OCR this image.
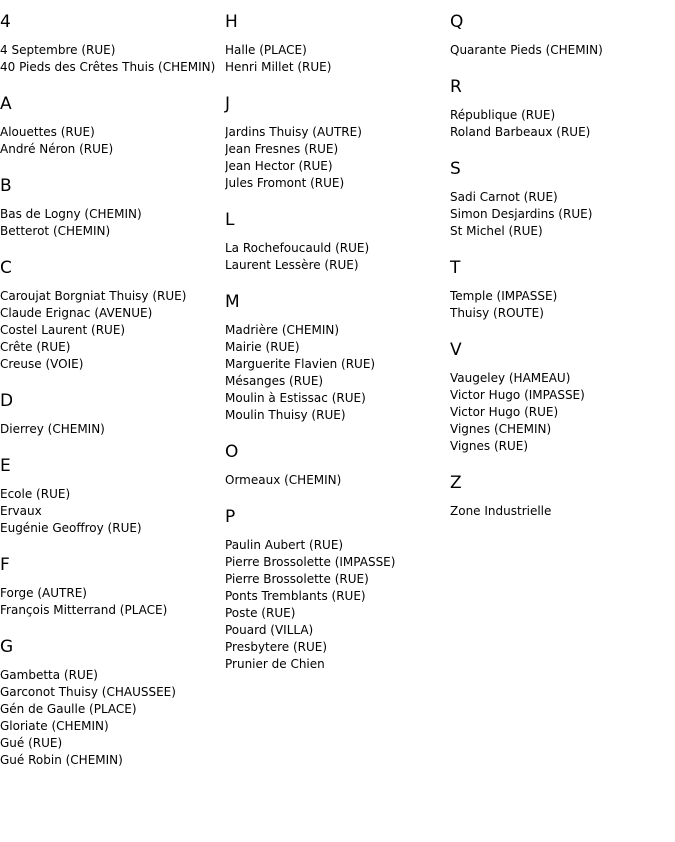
4
4 Septembre (RUE)
40 Pieds des Crêtes Thuis (CHEMIN)
A
Alouettes (RUE)
André Néron (RUE)
B
Bas de Logny (CHEMIN)
Betterot (CHEMIN)
C
Caroujat Borgniat Thuisy (RUE)
Claude Erignac (AVENUE)
Costel Laurent (RUE)
Crête (RUE)
Creuse (VOIE)
D
Dierrey (CHEMIN)
E
Ecole (RUE)
Ervaux
Eugénie Geoffroy (RUE)
F
Forge (AUTRE)
François Mitterrand (PLACE)
G
Gambetta (RUE)
Garconot Thuisy (CHAUSSEE)
Gén de Gaulle (PLACE)
Gloriate (CHEMIN)
Gué (RUE)
Gué Robin (CHEMIN)
H
Halle (PLACE)
Henri Millet (RUE)
J
Jardins Thuisy (AUTRE)
Jean Fresnes (RUE)
Jean Hector (RUE)
Jules Fromont (RUE)
L
La Rochefoucauld (RUE)
Laurent Lessère (RUE)
M
Madrière (CHEMIN)
Mairie (RUE)
Marguerite Flavien (RUE)
Mésanges (RUE)
Moulin à Estissac (RUE)
Moulin Thuisy (RUE)
O
Ormeaux (CHEMIN)
P
Paulin Aubert (RUE)
Pierre Brossolette (IMPASSE)
Pierre Brossolette (RUE)
Ponts Tremblants (RUE)
Poste (RUE)
Pouard (VILLA)
Presbytere (RUE)
Prunier de Chien
Q
Quarante Pieds (CHEMIN)
R
République (RUE)
Roland Barbeaux (RUE)
S
Sadi Carnot (RUE)
Simon Desjardins (RUE)
St Michel (RUE)
T
Temple (IMPASSE)
Thuisy (ROUTE)
V
Vaugeley (HAMEAU)
Victor Hugo (IMPASSE)
Victor Hugo (RUE)
Vignes (CHEMIN)
Vignes (RUE)
Z
Zone Industrielle
